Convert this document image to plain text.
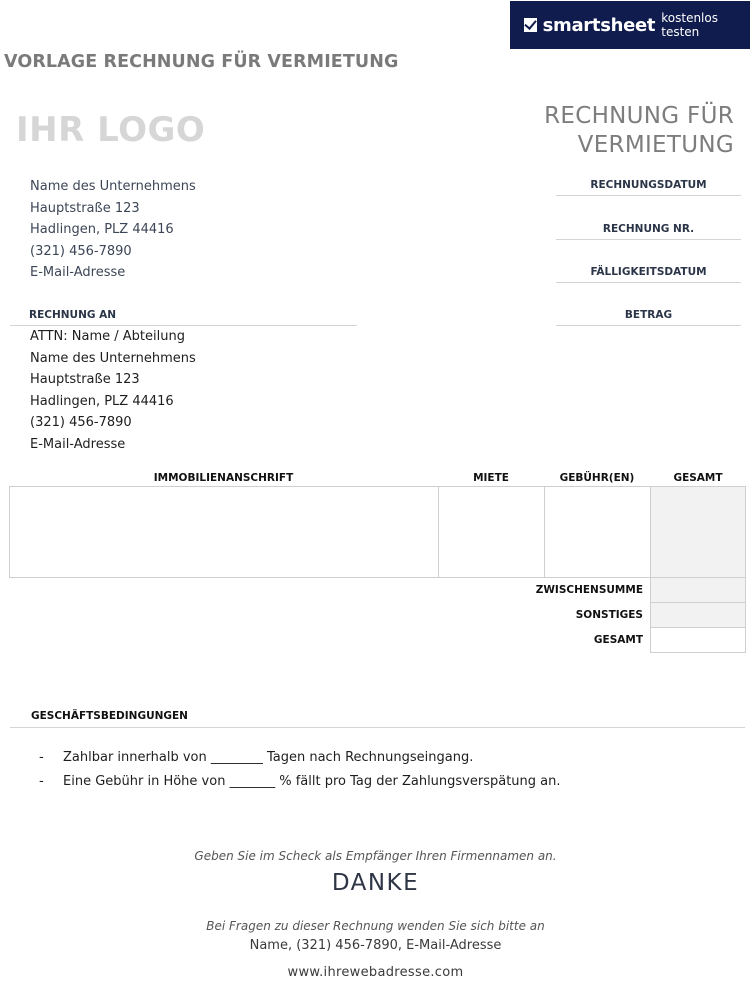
smartsheet kostenlos testen
VORLAGE RECHNUNG FÜR VERMIETUNG
IHR LOGO	RECHNUNG FÜR
VERMIETUNG
Name des Unternehmens
Hauptstraße 123
Hadlingen, PLZ 44416
(321) 456-7890
E-Mail-Adresse
RECHNUNGSDATUM
RECHNUNG NR.
FÄLLIGKEITSDATUM
BETRAG
RECHNUNG AN
ATTN: Name / Abteilung
Name des Unternehmens
Hauptstraße 123
Hadlingen, PLZ 44416
(321) 456-7890
E-Mail-Adresse
IMMOBILIENANSCHRIFT	MIETE	GEBÜHR(EN)	GESAMT
ZWISCHENSUMME
SONSTIGES
GESAMT
GESCHÄFTSBEDINGUNGEN
- Zahlbar innerhalb von ________ Tagen nach Rechnungseingang.
- Eine Gebühr in Höhe von _______ % fällt pro Tag der Zahlungsverspätung an.
Geben Sie im Scheck als Empfänger Ihren Firmennamen an.
DANKE
Bei Fragen zu dieser Rechnung wenden Sie sich bitte an
Name, (321) 456-7890, E-Mail-Adresse
www.ihrewebadresse.com
